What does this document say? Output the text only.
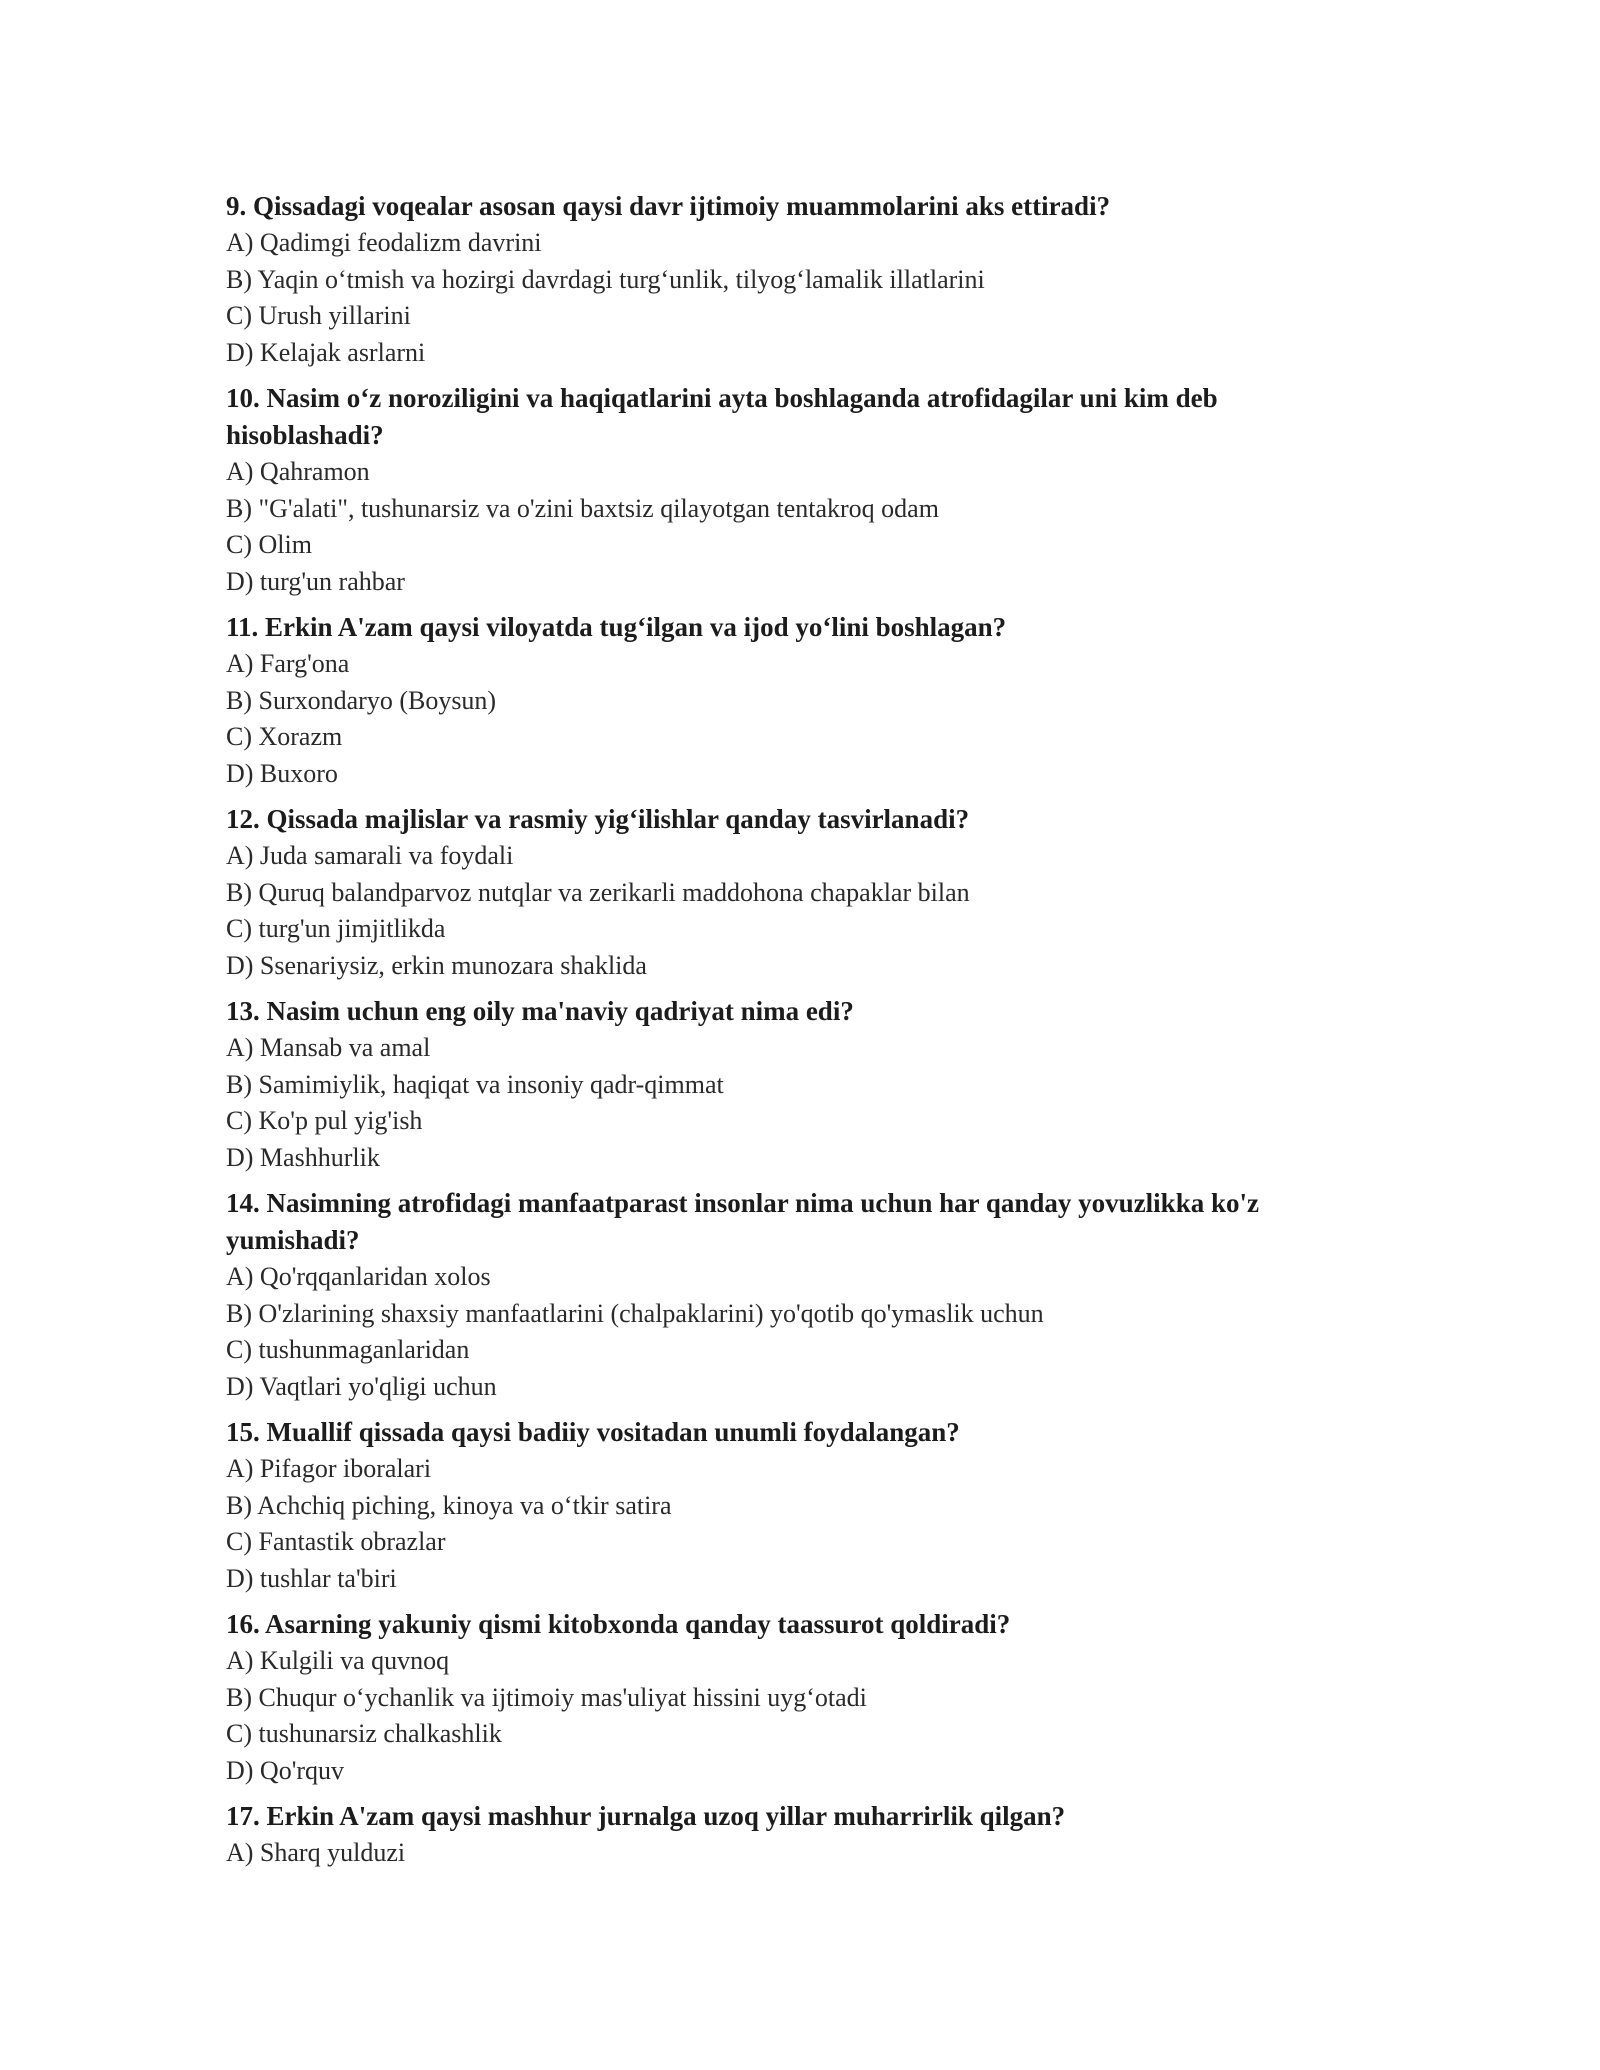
9. Qissadagi voqealar asosan qaysi davr ijtimoiy muammolarini aks ettiradi?
A) Qadimgi feodalizm davrini
B) Yaqin o‘tmish va hozirgi davrdagi turg‘unlik, tilyog‘lamalik illatlarini
C) Urush yillarini
D) Kelajak asrlarni
10. Nasim o‘z noroziligini va haqiqatlarini ayta boshlaganda atrofidagilar uni kim deb hisoblashadi?
A) Qahramon
B) "G'alati", tushunarsiz va o'zini baxtsiz qilayotgan tentakroq odam
C) Olim
D) turg'un rahbar
11. Erkin A'zam qaysi viloyatda tug‘ilgan va ijod yo‘lini boshlagan?
A) Farg'ona
B) Surxondaryo (Boysun)
C) Xorazm
D) Buxoro
12. Qissada majlislar va rasmiy yig‘ilishlar qanday tasvirlanadi?
A) Juda samarali va foydali
B) Quruq balandparvoz nutqlar va zerikarli maddohona chapaklar bilan
C) turg'un jimjitlikda
D) Ssenariysiz, erkin munozara shaklida
13. Nasim uchun eng oily ma'naviy qadriyat nima edi?
A) Mansab va amal
B) Samimiylik, haqiqat va insoniy qadr-qimmat
C) Ko'p pul yig'ish
D) Mashhurlik
14. Nasimning atrofidagi manfaatparast insonlar nima uchun har qanday yovuzlikka ko'z yumishadi?
A) Qo'rqqanlaridan xolos
B) O'zlarining shaxsiy manfaatlarini (chalpaklarini) yo'qotib qo'ymaslik uchun
C) tushunmaganlaridan
D) Vaqtlari yo'qligi uchun
15. Muallif qissada qaysi badiiy vositadan unumli foydalangan?
A) Pifagor iboralari
B) Achchiq piching, kinoya va o‘tkir satira
C) Fantastik obrazlar
D) tushlar ta'biri
16. Asarning yakuniy qismi kitobxonda qanday taassurot qoldiradi?
A) Kulgili va quvnoq
B) Chuqur o‘ychanlik va ijtimoiy mas'uliyat hissini uyg‘otadi
C) tushunarsiz chalkashlik
D) Qo'rquv
17. Erkin A'zam qaysi mashhur jurnalga uzoq yillar muharrirlik qilgan?
A) Sharq yulduzi
